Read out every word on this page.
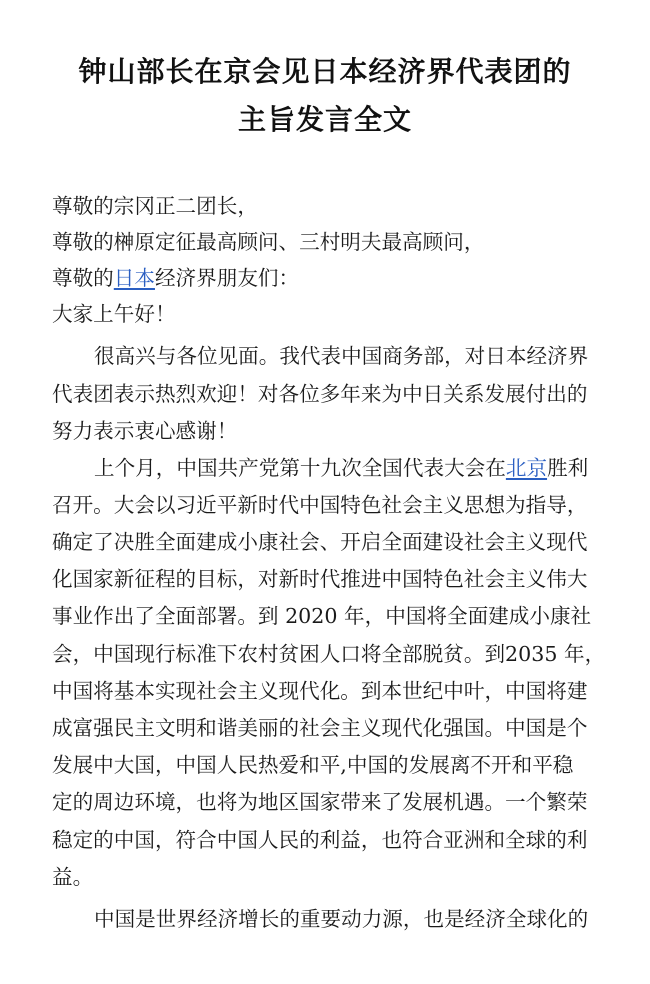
钟山部长在京会见日本经济界代表团的
主旨发言全文
尊敬的宗冈正二团长，
尊敬的榊原定征最高顾问、三村明夫最高顾问，
尊敬的日本经济界朋友们：
大家上午好！
很高兴与各位见面。我代表中国商务部，对日本经济界
代表团表示热烈欢迎！对各位多年来为中日关系发展付出的
努力表示衷心感谢！
上个月，中国共产党第十九次全国代表大会在北京胜利
召开。大会以习近平新时代中国特色社会主义思想为指导，
确定了决胜全面建成小康社会、开启全面建设社会主义现代
化国家新征程的目标，对新时代推进中国特色社会主义伟大
事业作出了全面部署。到 2020 年，中国将全面建成小康社
会，中国现行标准下农村贫困人口将全部脱贫。到2035 年，
中国将基本实现社会主义现代化。到本世纪中叶，中国将建
成富强民主文明和谐美丽的社会主义现代化强国。中国是个
发展中大国，中国人民热爱和平,中国的发展离不开和平稳
定的周边环境，也将为地区国家带来了发展机遇。一个繁荣
稳定的中国，符合中国人民的利益，也符合亚洲和全球的利
益。
中国是世界经济增长的重要动力源，也是经济全球化的
